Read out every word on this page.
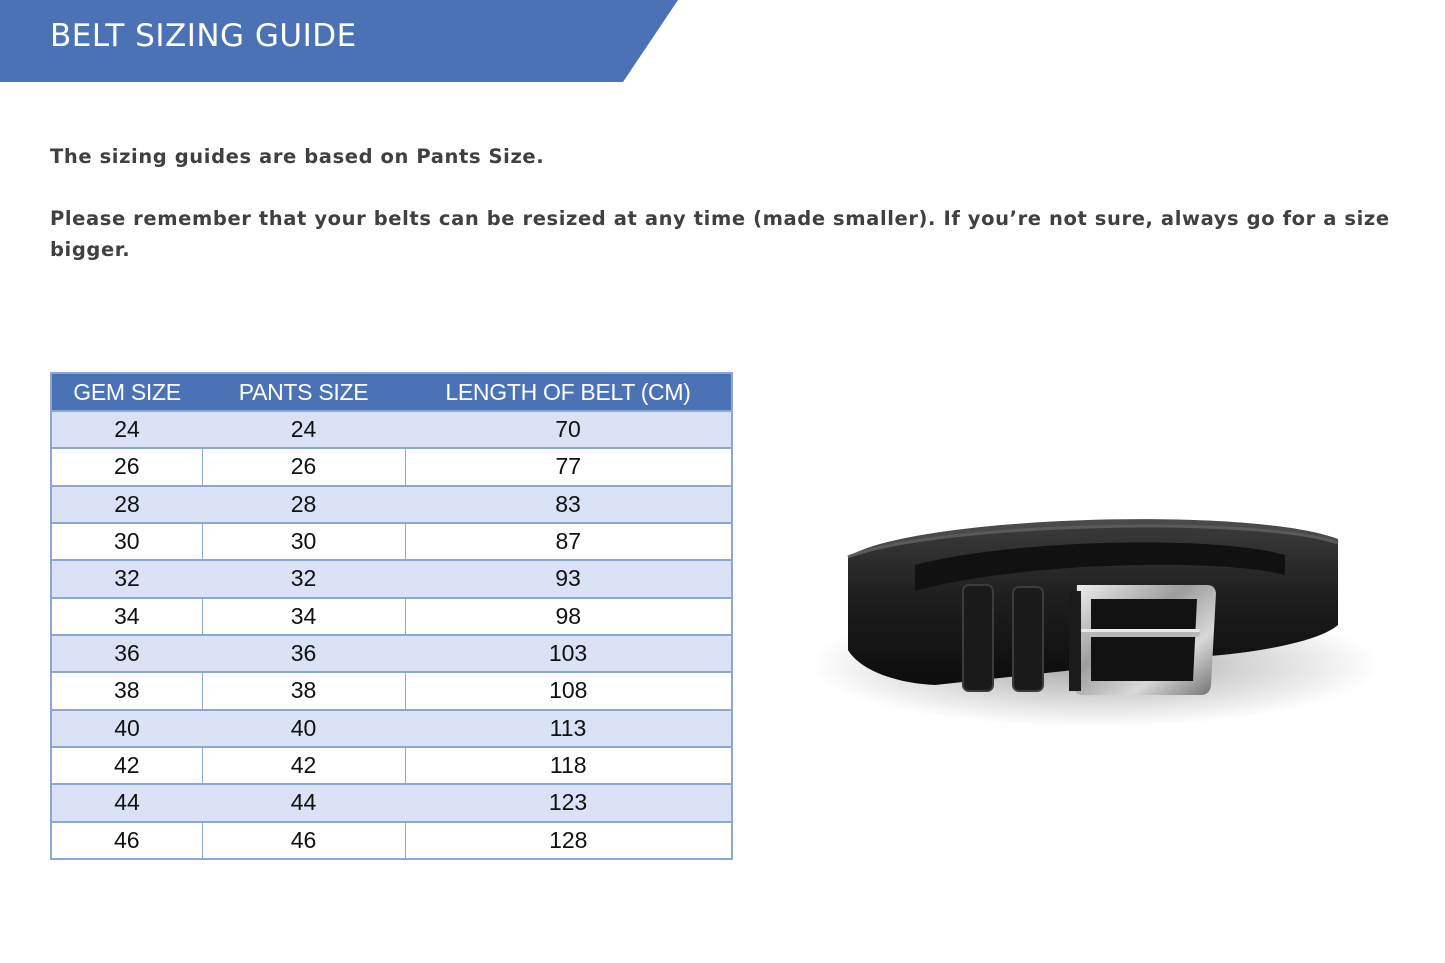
BELT SIZING GUIDE

The sizing guides are based on Pants Size.

Please remember that your belts can be resized at any time (made smaller). If you’re not sure, always go for a size bigger.

GEM SIZE	PANTS SIZE	LENGTH OF BELT (CM)
24	24	70
26	26	77
28	28	83
30	30	87
32	32	93
34	34	98
36	36	103
38	38	108
40	40	113
42	42	118
44	44	123
46	46	128
